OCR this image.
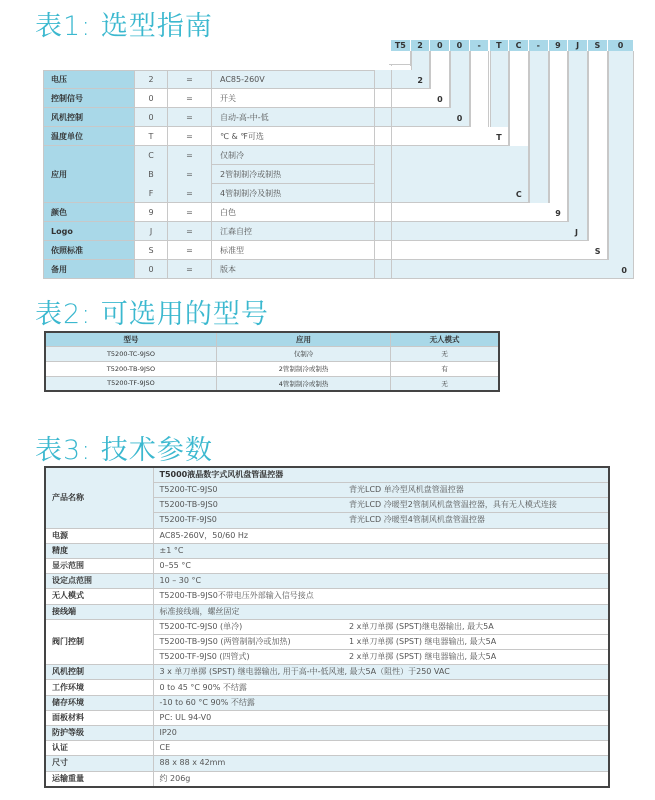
表1: 选型指南
T5	2	0	0	-	T	C	-	9	J	S	0
2
电压	2	=	AC85-260V
0
控制信号	0	=	开关
0
风机控制	0	=	自动-高-中-低
T
温度单位	T	=	℃ & ℉可选
C
应用
C	=	仅制冷
B	=	2管制制冷或制热
F	=	4管制制冷及制热
9
颜色	9	=	白色
J
Logo	J	=	江森自控
S
依照标准	S	=	标准型
0
备用	0	=	版本
表2: 可选用的型号
型号	应用	无人模式
T5200-TC-9JSO	仅制冷	无
T5200-TB-9JSO	2管制制冷或制热	有
T5200-TF-9JSO	4管制制冷或制热	无
表3: 技术参数
产品名称	T5000液晶数字式风机盘管温控器	
	T5200-TC-9JS0	背光LCD 单冷型风机盘管温控器
	T5200-TB-9JS0	背光LCD 冷暖型2管制风机盘管温控器，具有无人模式连接
	T5200-TF-9JS0	背光LCD 冷暖型4管制风机盘管温控器
电源	AC85-260V，50/60 Hz	
精度	±1 °C	
显示范围	0–55 °C	
设定点范围	10 – 30 °C	
无人模式	T5200-TB-9JS0不带电压外部输入信号接点	
接线端	标准接线端，螺丝固定	
阀门控制	T5200-TC-9JS0 (单冷)	2 x单刀单掷 (SPST)继电器输出, 最大5A
	T5200-TB-9JS0 (两管制制冷或加热)	1 x单刀单掷 (SPST) 继电器输出, 最大5A
	T5200-TF-9JS0 (四管式)	2 x单刀单掷 (SPST) 继电器输出, 最大5A
风机控制	3 x 单刀单掷 (SPST) 继电器输出, 用于高-中-低风速, 最大5A（阻性）于250 VAC	
工作环境	0 to 45 °C 90% 不结露	
储存环境	-10 to 60 °C 90% 不结露	
面板材料	PC: UL 94-V0	
防护等级	IP20	
认证	CE	
尺寸	88 x 88 x 42mm	
运输重量	约 206g	
